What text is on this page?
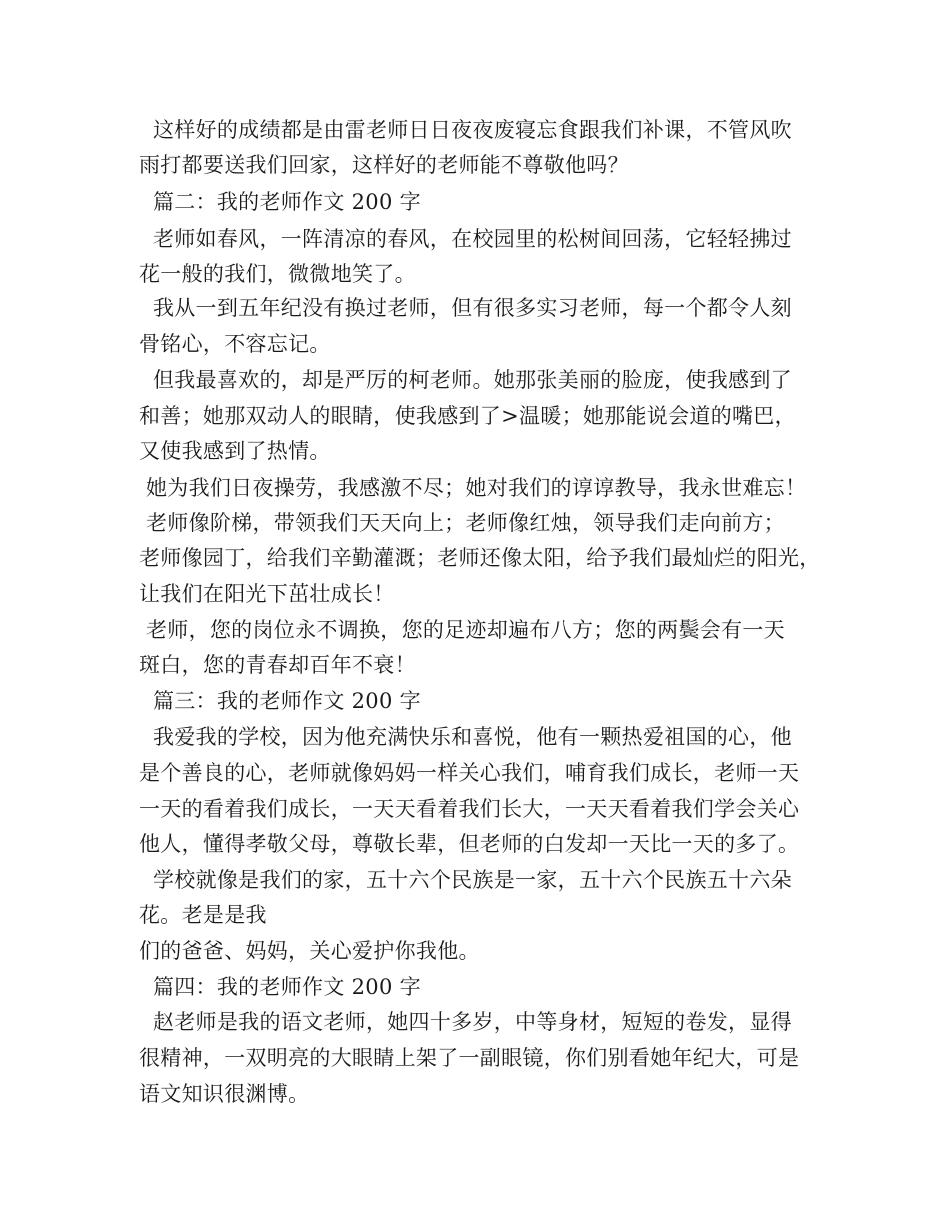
这样好的成绩都是由雷老师日日夜夜废寝忘食跟我们补课，不管风吹
雨打都要送我们回家，这样好的老师能不尊敬他吗？
篇二：我的老师作文 200 字
老师如春风，一阵清凉的春风，在校园里的松树间回荡，它轻轻拂过
花一般的我们，微微地笑了。
我从一到五年纪没有换过老师，但有很多实习老师，每一个都令人刻
骨铭心，不容忘记。
但我最喜欢的，却是严厉的柯老师。她那张美丽的脸庞，使我感到了
和善；她那双动人的眼睛，使我感到了>温暖；她那能说会道的嘴巴，
又使我感到了热情。
她为我们日夜操劳，我感激不尽；她对我们的谆谆教导，我永世难忘！
老师像阶梯，带领我们天天向上；老师像红烛，领导我们走向前方；
老师像园丁，给我们辛勤灌溉；老师还像太阳，给予我们最灿烂的阳光，
让我们在阳光下茁壮成长！
老师，您的岗位永不调换，您的足迹却遍布八方；您的两鬓会有一天
斑白，您的青春却百年不衰！
篇三：我的老师作文 200 字
我爱我的学校，因为他充满快乐和喜悦，他有一颗热爱祖国的心，他
是个善良的心，老师就像妈妈一样关心我们，哺育我们成长，老师一天
一天的看着我们成长，一天天看着我们长大，一天天看着我们学会关心
他人，懂得孝敬父母，尊敬长辈，但老师的白发却一天比一天的多了。
学校就像是我们的家，五十六个民族是一家，五十六个民族五十六朵
花。老是是我
们的爸爸、妈妈，关心爱护你我他。
篇四：我的老师作文 200 字
赵老师是我的语文老师，她四十多岁，中等身材，短短的卷发，显得
很精神，一双明亮的大眼睛上架了一副眼镜，你们别看她年纪大，可是
语文知识很渊博。
